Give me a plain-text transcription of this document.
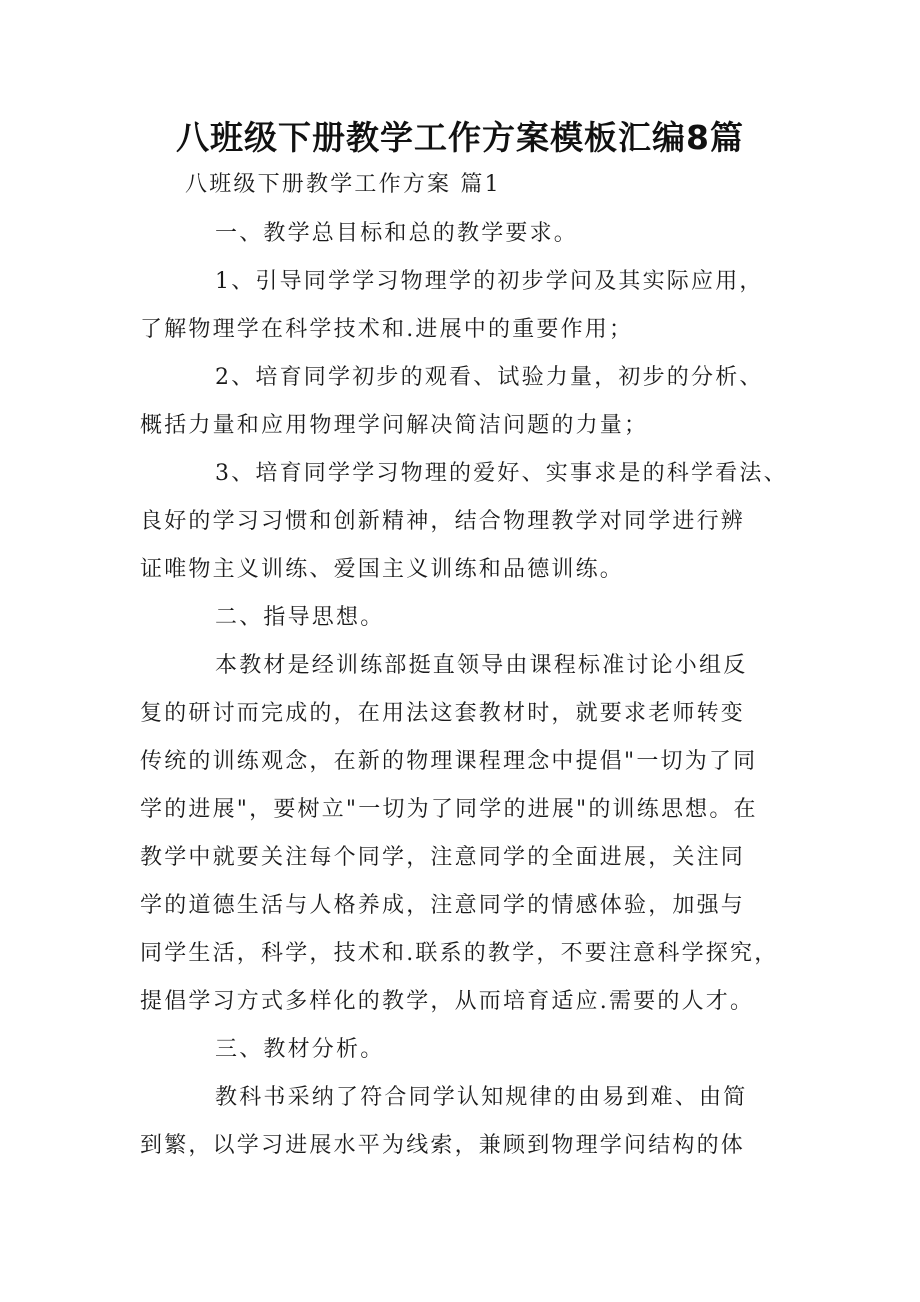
八班级下册教学工作方案模板汇编8篇
八班级下册教学工作方案 篇1
一、教学总目标和总的教学要求。
1、引导同学学习物理学的初步学问及其实际应用，
了解物理学在科学技术和.进展中的重要作用；
2、培育同学初步的观看、试验力量，初步的分析、
概括力量和应用物理学问解决简洁问题的力量；
3、培育同学学习物理的爱好、实事求是的科学看法、
良好的学习习惯和创新精神，结合物理教学对同学进行辨
证唯物主义训练、爱国主义训练和品德训练。
二、指导思想。
本教材是经训练部挺直领导由课程标准讨论小组反
复的研讨而完成的，在用法这套教材时，就要求老师转变
传统的训练观念，在新的物理课程理念中提倡"一切为了同
学的进展"，要树立"一切为了同学的进展"的训练思想。在
教学中就要关注每个同学，注意同学的全面进展，关注同
学的道德生活与人格养成，注意同学的情感体验，加强与
同学生活，科学，技术和.联系的教学，不要注意科学探究，
提倡学习方式多样化的教学，从而培育适应.需要的人才。
三、教材分析。
教科书采纳了符合同学认知规律的由易到难、由简
到繁，以学习进展水平为线索，兼顾到物理学问结构的体
